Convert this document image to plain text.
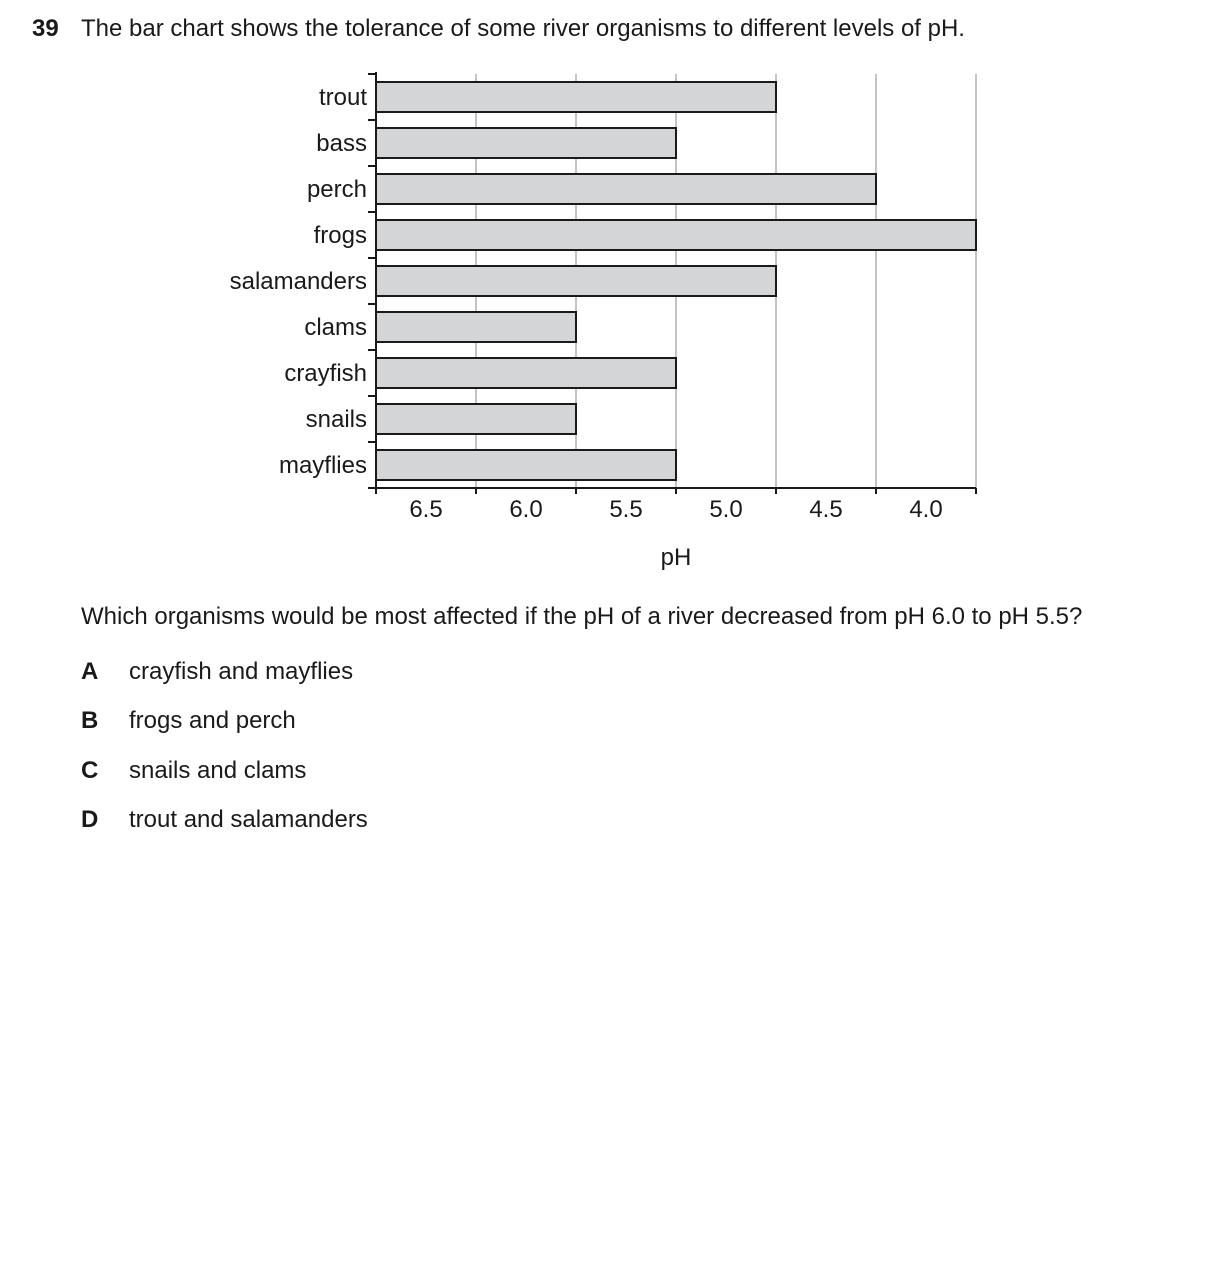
39 The bar chart shows the tolerance of some river organisms to different levels of pH.
trout
bass
perch
frogs
salamanders
clams
crayfish
snails
mayflies
6.5	6.0	5.5	5.0	4.5	4.0
pH
Which organisms would be most affected if the pH of a river decreased from pH 6.0 to pH 5.5?
A crayfish and mayflies
B frogs and perch
C snails and clams
D trout and salamanders
